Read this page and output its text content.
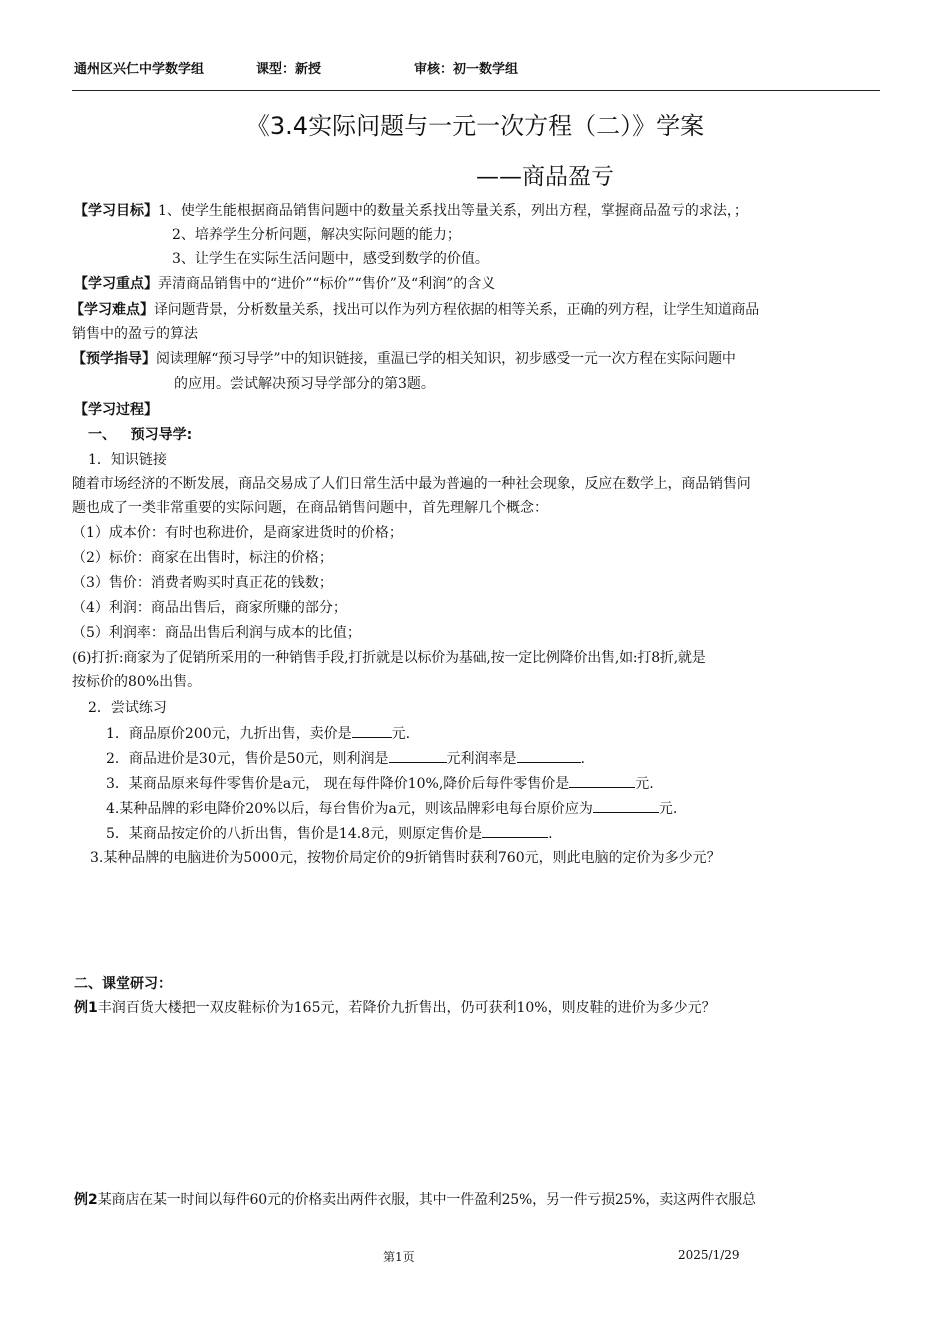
通州区兴仁中学数学组	课型：新授	审核：初一数学组
《3.4实际问题与一元一次方程（二）》学案
——商品盈亏
【学习目标】1、使学生能根据商品销售问题中的数量关系找出等量关系，列出方程，掌握商品盈亏的求法，；
2、培养学生分析问题，解决实际问题的能力；
3、让学生在实际生活问题中，感受到数学的价值。
【学习重点】弄清商品销售中的“进价”“标价”“售价”及“利润”的含义
【学习难点】译问题背景，分析数量关系，找出可以作为列方程依据的相等关系，正确的列方程，让学生知道商品
销售中的盈亏的算法
【预学指导】阅读理解“预习导学”中的知识链接，重温已学的相关知识，初步感受一元一次方程在实际问题中
的应用。尝试解决预习导学部分的第3题。
【学习过程】
一、   预习导学:
1．知识链接
随着市场经济的不断发展，商品交易成了人们日常生活中最为普遍的一种社会现象，反应在数学上，商品销售问
题也成了一类非常重要的实际问题，在商品销售问题中，首先理解几个概念：
（1）成本价：有时也称进价，是商家进货时的价格；
（2）标价：商家在出售时，标注的价格；
（3）售价：消费者购买时真正花的钱数；
（4）利润：商品出售后，商家所赚的部分；
（5）利润率：商品出售后利润与成本的比值；
(6)打折:商家为了促销所采用的一种销售手段,打折就是以标价为基础,按一定比例降价出售,如:打8折,就是
按标价的80%出售。
2．尝试练习
1．商品原价200元，九折出售，卖价是	元.
2．商品进价是30元，售价是50元，则利润是	元利润率是	.
3．某商品原来每件零售价是a元， 现在每件降价10%,降价后每件零售价是	元.
4.某种品牌的彩电降价20%以后，每台售价为a元，则该品牌彩电每台原价应为	元.
5．某商品按定价的八折出售，售价是14.8元，则原定售价是	.
3.某种品牌的电脑进价为5000元，按物价局定价的9折销售时获利760元，则此电脑的定价为多少元？
二、课堂研习：
例1丰润百货大楼把一双皮鞋标价为165元，若降价九折售出，仍可获利10%，则皮鞋的进价为多少元？
例2某商店在某一时间以每件60元的价格卖出两件衣服，其中一件盈利25%，另一件亏损25%，卖这两件衣服总
第1页	2025/1/29
